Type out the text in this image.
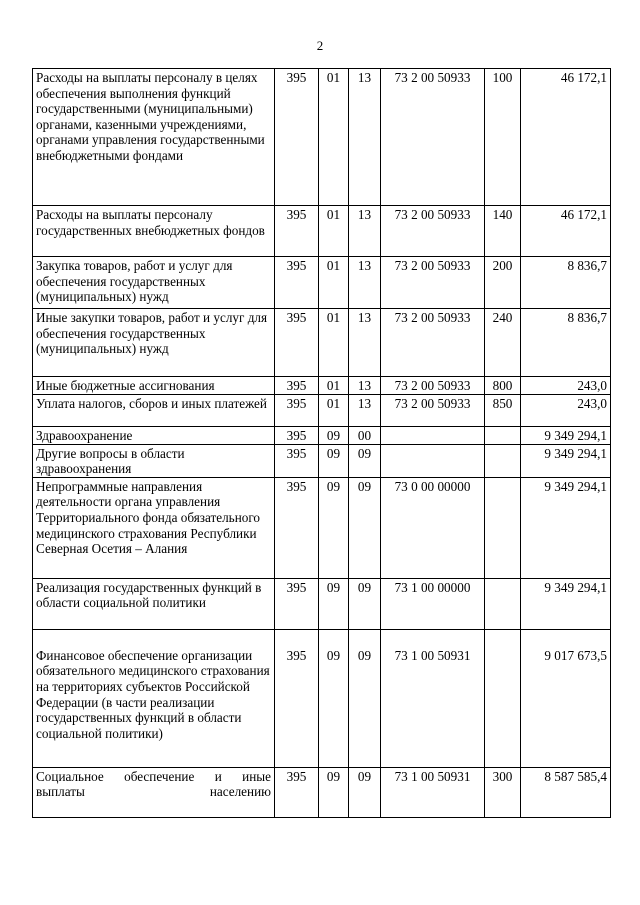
2
Расходы на выплаты персоналу в целях обеспечения выполнения функций государственными (муниципальными) органами, казенными учреждениями, органами управления государственными внебюджетными фондами	395	01	13	73 2 00 50933	100	46 172,1
Расходы на выплаты персоналу государственных внебюджетных фондов	395	01	13	73 2 00 50933	140	46 172,1
Закупка товаров, работ и услуг для обеспечения государственных (муниципальных) нужд	395	01	13	73 2 00 50933	200	8 836,7
Иные закупки товаров, работ и услуг для обеспечения государственных (муниципальных) нужд	395	01	13	73 2 00 50933	240	8 836,7
Иные бюджетные ассигнования	395	01	13	73 2 00 50933	800	243,0
Уплата налогов, сборов и иных платежей	395	01	13	73 2 00 50933	850	243,0
Здравоохранение	395	09	00			9 349 294,1
Другие вопросы в области здравоохранения	395	09	09			9 349 294,1
Непрограммные направления деятельности органа управления Территориального фонда обязательного медицинского страхования Республики Северная Осетия – Алания	395	09	09	73 0 00 00000		9 349 294,1
Реализация государственных функций в области социальной политики	395	09	09	73 1 00 00000		9 349 294,1
Финансовое обеспечение организации обязательного медицинского страхования на территориях субъектов Российской Федерации (в части реализации государственных функций в области социальной политики)	395	09	09	73 1 00 50931		9 017 673,5
Социальное обеспечение и иные выплаты населению	395	09	09	73 1 00 50931	300	8 587 585,4
